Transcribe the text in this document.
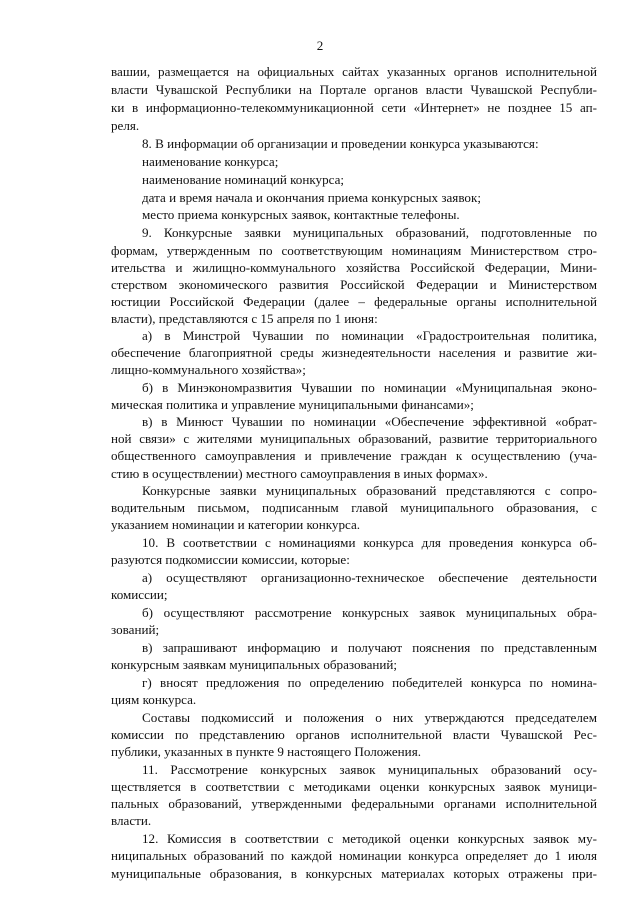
2
вашии, размещается на официальных сайтах указанных органов исполнительной
власти Чувашской Республики на Портале органов власти Чувашской Республи-
ки в информационно-телекоммуникационной сети «Интернет» не позднее 15 ап-
реля.
8. В информации об организации и проведении конкурса указываются:
наименование конкурса;
наименование номинаций конкурса;
дата и время начала и окончания приема конкурсных заявок;
место приема конкурсных заявок, контактные телефоны.
9. Конкурсные заявки муниципальных образований, подготовленные по
формам, утвержденным по соответствующим номинациям Министерством стро-
ительства и жилищно-коммунального хозяйства Российской Федерации, Мини-
стерством экономического развития Российской Федерации и Министерством
юстиции Российской Федерации (далее – федеральные органы исполнительной
власти), представляются с 15 апреля по 1 июня:
а) в Минстрой Чувашии по номинации «Градостроительная политика,
обеспечение благоприятной среды жизнедеятельности населения и развитие жи-
лищно-коммунального хозяйства»;
б) в Минэкономразвития Чувашии по номинации «Муниципальная эконо-
мическая политика и управление муниципальными финансами»;
в) в Минюст Чувашии по номинации «Обеспечение эффективной «обрат-
ной связи» с жителями муниципальных образований, развитие территориального
общественного самоуправления и привлечение граждан к осуществлению (уча-
стию в осуществлении) местного самоуправления в иных формах».
Конкурсные заявки муниципальных образований представляются с сопро-
водительным письмом, подписанным главой муниципального образования, с
указанием номинации и категории конкурса.
10. В соответствии с номинациями конкурса для проведения конкурса об-
разуются подкомиссии комиссии, которые:
а) осуществляют организационно-техническое обеспечение деятельности
комиссии;
б) осуществляют рассмотрение конкурсных заявок муниципальных обра-
зований;
в) запрашивают информацию и получают пояснения по представленным
конкурсным заявкам муниципальных образований;
г) вносят предложения по определению победителей конкурса по номина-
циям конкурса.
Составы подкомиссий и положения о них утверждаются председателем
комиссии по представлению органов исполнительной власти Чувашской Рес-
публики, указанных в пункте 9 настоящего Положения.
11. Рассмотрение конкурсных заявок муниципальных образований осу-
ществляется в соответствии с методиками оценки конкурсных заявок муници-
пальных образований, утвержденными федеральными органами исполнительной
власти.
12. Комиссия в соответствии с методикой оценки конкурсных заявок му-
ниципальных образований по каждой номинации конкурса определяет до 1 июля
муниципальные образования, в конкурсных материалах которых отражены при-
